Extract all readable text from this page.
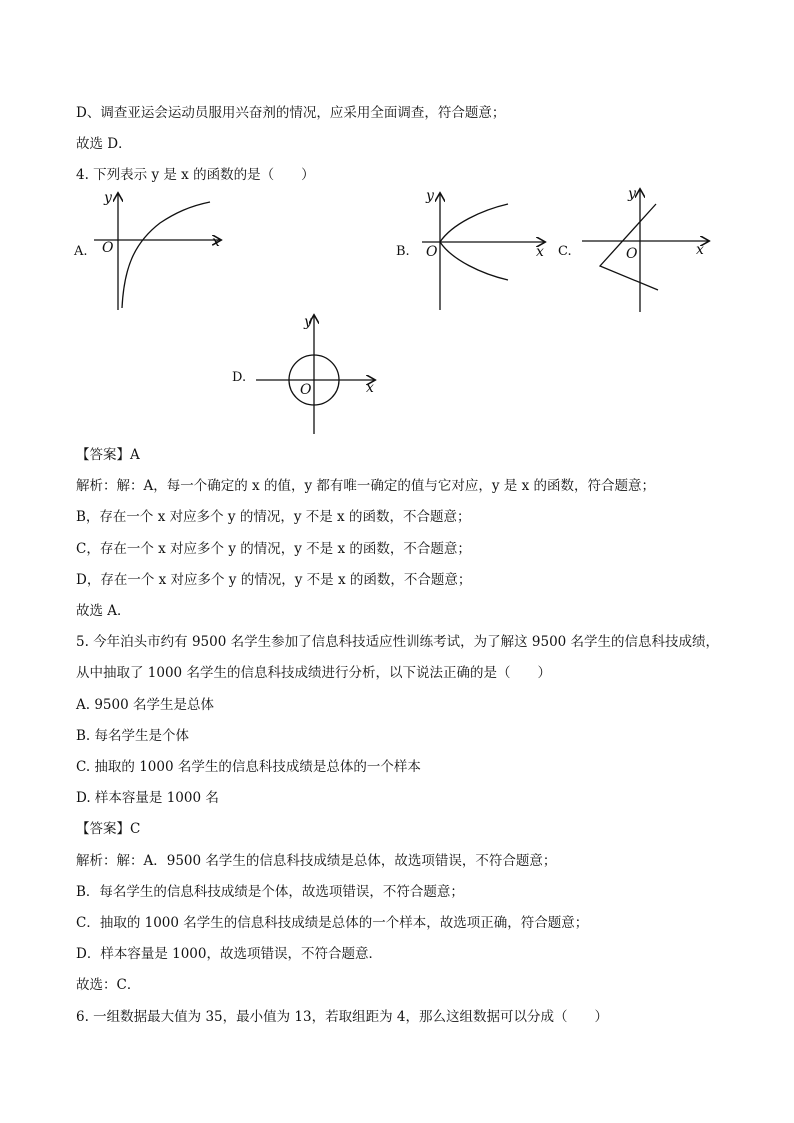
D、调查亚运会运动员服用兴奋剂的情况，应采用全面调查，符合题意；
故选 D．
4. 下列表示 y 是 x 的函数的是（　　）
A.
x
y
O	B.	x
y
O	C.	x
y
O
D.
x
y
O
【答案】A
解析：解：A，每一个确定的 x 的值，y 都有唯一确定的值与它对应，y 是 x 的函数，符合题意；
B，存在一个 x 对应多个 y 的情况，y 不是 x 的函数，不合题意；
C，存在一个 x 对应多个 y 的情况，y 不是 x 的函数，不合题意；
D，存在一个 x 对应多个 y 的情况，y 不是 x 的函数，不合题意；
故选 A．
5. 今年泊头市约有 9500 名学生参加了信息科技适应性训练考试，为了解这 9500 名学生的信息科技成绩，
从中抽取了 1000 名学生的信息科技成绩进行分析，以下说法正确的是（　　）
A. 9500 名学生是总体
B. 每名学生是个体
C. 抽取的 1000 名学生的信息科技成绩是总体的一个样本
D. 样本容量是 1000 名
【答案】C
解析：解：A．9500 名学生的信息科技成绩是总体，故选项错误，不符合题意；
B．每名学生的信息科技成绩是个体，故选项错误，不符合题意；
C．抽取的 1000 名学生的信息科技成绩是总体的一个样本，故选项正确，符合题意；
D．样本容量是 1000，故选项错误，不符合题意．
故选：C．
6. 一组数据最大值为 35，最小值为 13，若取组距为 4，那么这组数据可以分成（　　）
